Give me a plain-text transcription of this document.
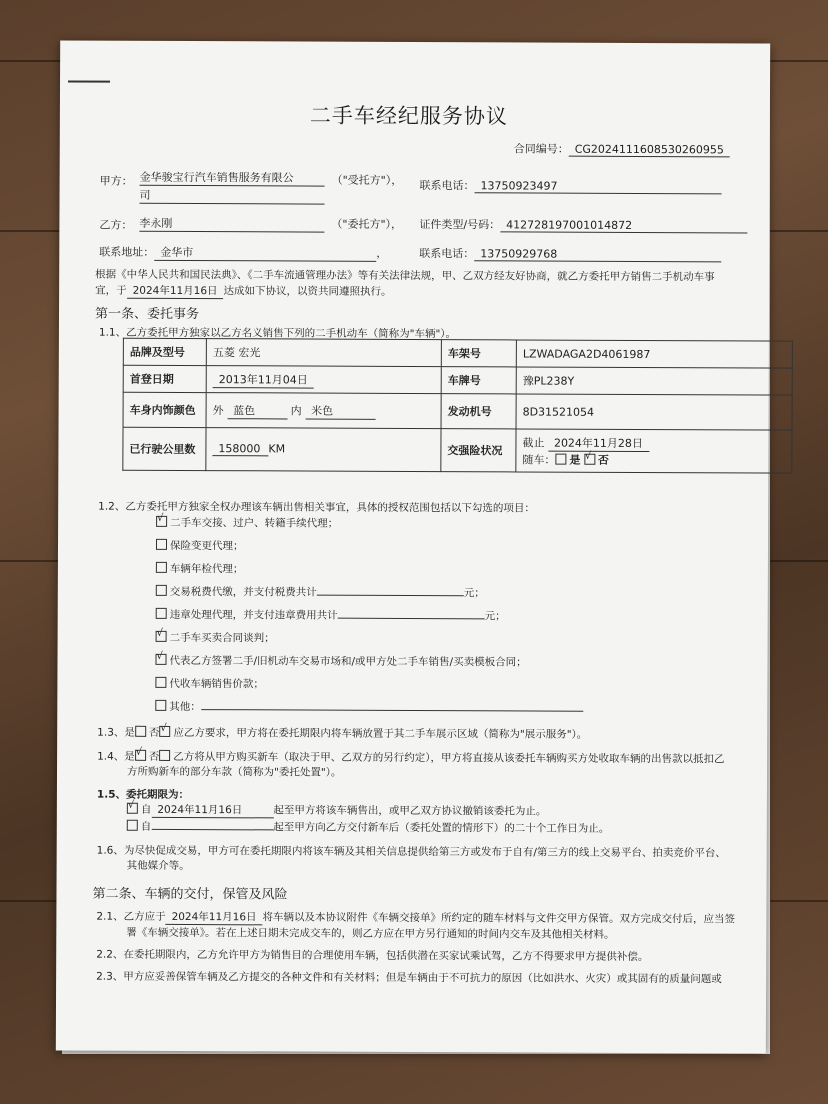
二手车经纪服务协议
合同编号： CG2024111608530260955
甲方： 金华骏宝行汽车销售服务有限公
司
（"受托方"）， 联系电话： 13750923497
乙方： 李永刚	（"委托方"）， 证件类型/号码： 412728197001014872
联系地址： 金华市	，	联系电话： 13750929768
根据《中华人民共和国民法典》、《二手车流通管理办法》等有关法律法规，甲、乙双方经友好协商，就乙方委托甲方销售二手机动车事
宜，于 2024年11月16日 达成如下协议，以资共同遵照执行。
第一条、委托事务
1.1、乙方委托甲方独家以乙方名义销售下列的二手机动车（简称为"车辆"）。
品牌及型号	五菱 宏光	车架号	LZWADAGA2D4061987
首登日期	2013年11月04日	车牌号	豫PL238Y
车身内饰颜色	外 蓝色 内 米色	发动机号	8D31521054
已行驶公里数	158000 KM	交强险状况	截止 2024年11月28日
随车： 是 √ 否
1.2、乙方委托甲方独家全权办理该车辆出售相关事宜，具体的授权范围包括以下勾选的项目：
√二手车交接、过户、转籍手续代理；
保险变更代理；
车辆年检代理；
交易税费代缴，并支付税费共计	元；
违章处理代理，并支付违章费用共计	元；
√二手车买卖合同谈判；
√代表乙方签署二手/旧机动车交易市场和/或甲方处二手车销售/买卖模板合同；
代收车辆销售价款；
其他：
1.3、是 否 √ 应乙方要求，甲方将在委托期限内将车辆放置于其二手车展示区域（简称为"展示服务"）。
1.4、是 √ 否 乙方将从甲方购买新车（取决于甲、乙双方的另行约定），甲方将直接从该委托车辆购买方处收取车辆的出售款以抵扣乙
方所购新车的部分车款（简称为"委托处置"）。
1.5、委托期限为：
√自 2024年11月16日	起至甲方将该车辆售出，或甲乙双方协议撤销该委托为止。
自	起至甲方向乙方交付新车后（委托处置的情形下）的二十个工作日为止。
1.6、为尽快促成交易，甲方可在委托期限内将该车辆及其相关信息提供给第三方或发布于自有/第三方的线上交易平台、拍卖竞价平台、
其他媒介等。
第二条、车辆的交付，保管及风险
2.1、乙方应于 2024年11月16日 将车辆以及本协议附件《车辆交接单》所约定的随车材料与文件交甲方保管。双方完成交付后，应当签
署《车辆交接单》。若在上述日期未完成交车的，则乙方应在甲方另行通知的时间内交车及其他相关材料。
2.2、在委托期限内，乙方允许甲方为销售目的合理使用车辆，包括供潜在买家试乘试驾，乙方不得要求甲方提供补偿。
2.3、甲方应妥善保管车辆及乙方提交的各种文件和有关材料；但是车辆由于不可抗力的原因（比如洪水、火灾）或其固有的质量问题或
